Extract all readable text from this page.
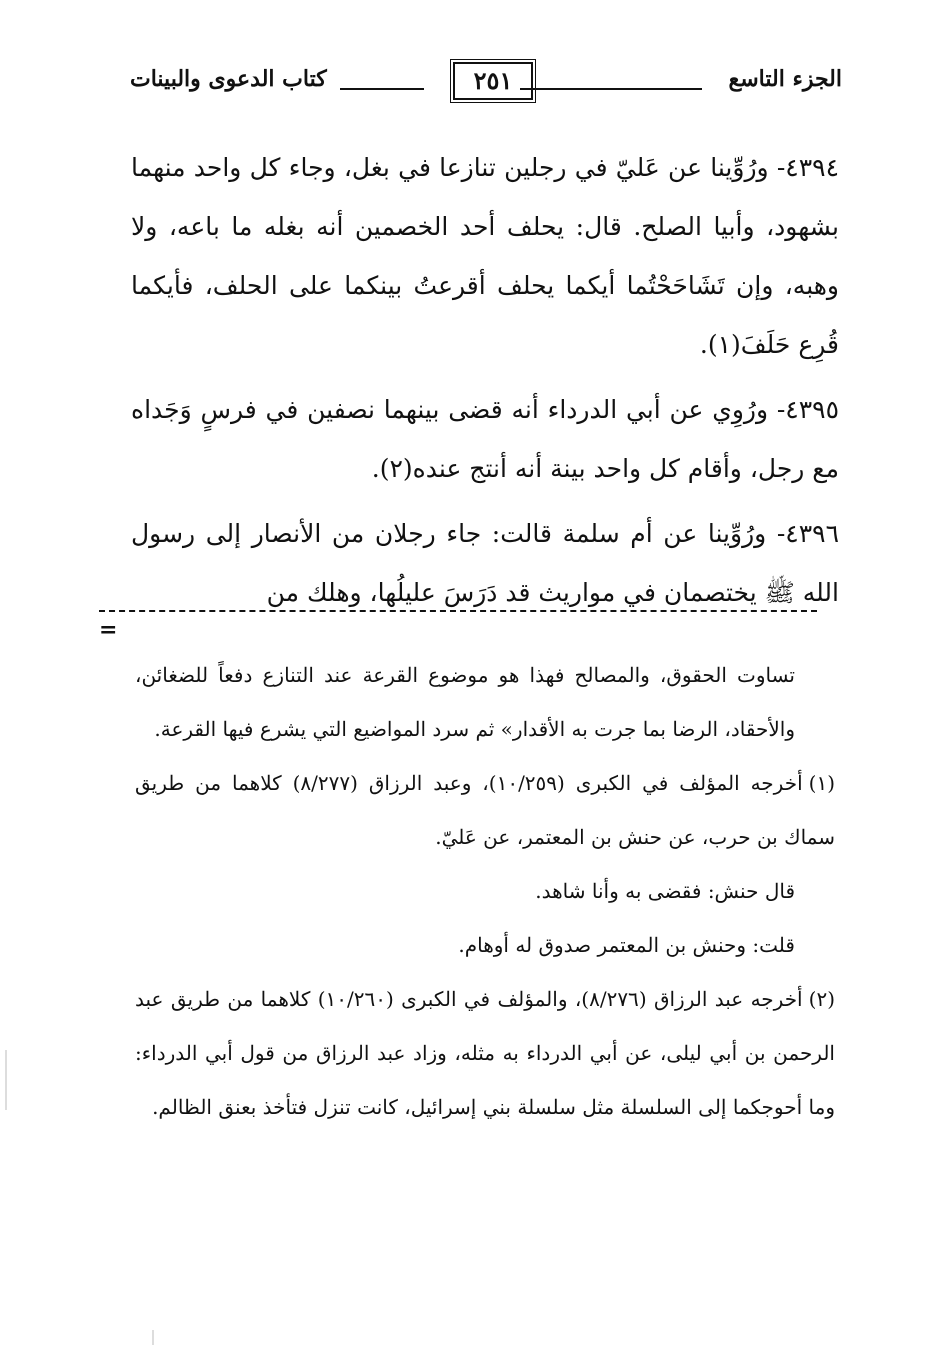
الجزء التاسع
٢٥١
كتاب الدعوى والبينات

٤٣٩٤- ورُوِّينا عن عَليّ في رجلين تنازعا في بغل، وجاء كل واحد منهما بشهود، وأبيا الصلح. قال: يحلف أحد الخصمين أنه بغله ما باعه، ولا وهبه، وإن تَشَاحَحْتُما أيكما يحلف أقرعتُ بينكما على الحلف، فأيكما قُرِع حَلَفَ(١).

٤٣٩٥- ورُوِي عن أبي الدرداء أنه قضى بينهما نصفين في فرسٍ وَجَداه مع رجل، وأقام كل واحد بينة أنه أنتج عنده(٢).

٤٣٩٦- ورُوِّينا عن أم سلمة قالت: جاء رجلان من الأنصار إلى رسول الله ﷺ يختصمان في مواريث قد دَرَسَ عليلُها، وهلك من

=

تساوت الحقوق، والمصالح فهذا هو موضوع القرعة عند التنازع دفعاً للضغائن، والأحقاد، الرضا بما جرت به الأقدار» ثم سرد المواضيع التي يشرع فيها القرعة.

(١)أخرجه المؤلف في الكبرى (١٠/٢٥٩)، وعبد الرزاق (٨/٢٧٧) كلاهما من طريق سماك بن حرب، عن حنش بن المعتمر، عن عَليّ.

قال حنش: فقضى به وأنا شاهد.

قلت: وحنش بن المعتمر صدوق له أوهام.

(٢)أخرجه عبد الرزاق (٨/٢٧٦)، والمؤلف في الكبرى (١٠/٢٦٠) كلاهما من طريق عبد الرحمن بن أبي ليلى، عن أبي الدرداء به مثله، وزاد عبد الرزاق من قول أبي الدرداء: وما أحوجكما إلى السلسلة مثل سلسلة بني إسرائيل، كانت تنزل فتأخذ بعنق الظالم.
